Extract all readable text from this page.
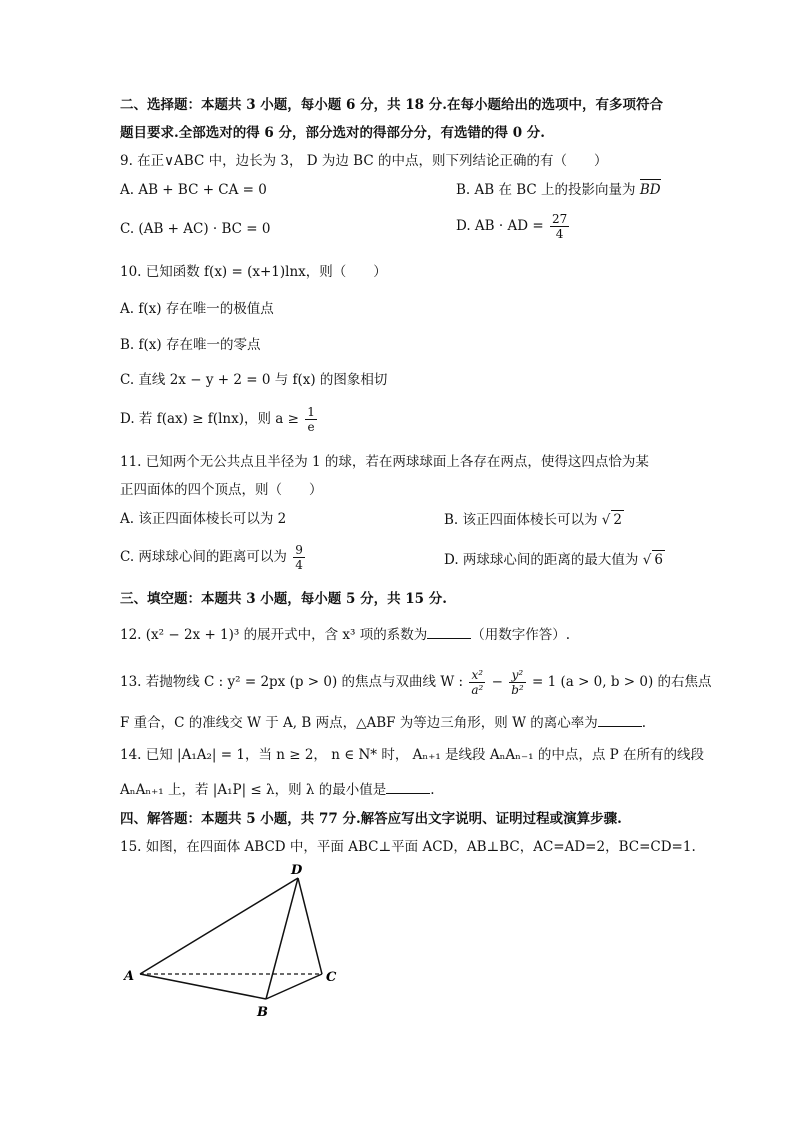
二、选择题：本题共 3 小题，每小题 6 分，共 18 分.在每小题给出的选项中，有多项符合
题目要求.全部选对的得 6 分，部分选对的得部分分，有选错的得 0 分.
9. 在正∨ABC 中，边长为 3， D 为边 BC 的中点，则下列结论正确的有（　　）
A. AB + BC + CA = 0	B. AB 在 BC 上的投影向量为 BD
C. (AB + AC) · BC = 0	D. AB · AD = $\frac{27}{4}$
10. 已知函数 f(x) = (x+1)lnx，则（　　）
A. f(x) 存在唯一的极值点
B. f(x) 存在唯一的零点
C. 直线 2x − y + 2 = 0 与 f(x) 的图象相切
D. 若 f(ax) ≥ f(lnx)，则 $a \ge \frac{1}{e}$
11. 已知两个无公共点且半径为 1 的球，若在两球球面上各存在两点，使得这四点恰为某
正四面体的四个顶点，则（　　）
A. 该正四面体棱长可以为 2	B. 该正四面体棱长可以为 √ 2
C. 两球球心间的距离可以为 $\frac{9}{4}$	D. 两球球心间的距离的最大值为 √ 6
三、填空题：本题共 3 小题，每小题 5 分，共 15 分.
12. (x² − 2x + 1)³ 的展开式中，含 x³ 项的系数为	（用数字作答）.
13. 若抛物线 C : y² = 2px (p > 0) 的焦点与双曲线 W : $\frac{\text{x²}}{\text{a²}} - \frac{\text{y²}}{\text{b²}} = 1$ (a > 0, b > 0) 的右焦点
F 重合，C 的准线交 W 于 A, B 两点，△ABF 为等边三角形，则 W 的离心率为	.
14. 已知 |A₁A₂| = 1，当 n ≥ 2， n ∈ N* 时， Aₙ₊₁ 是线段 AₙAₙ₋₁ 的中点，点 P 在所有的线段
AₙAₙ₊₁ 上，若 |A₁P| ≤ λ，则 λ 的最小值是	.
四、解答题：本题共 5 小题，共 77 分.解答应写出文字说明、证明过程或演算步骤.
15. 如图，在四面体 ABCD 中，平面 ABC⊥平面 ACD，AB⊥BC，AC=AD=2，BC=CD=1.
A
B
C
D
